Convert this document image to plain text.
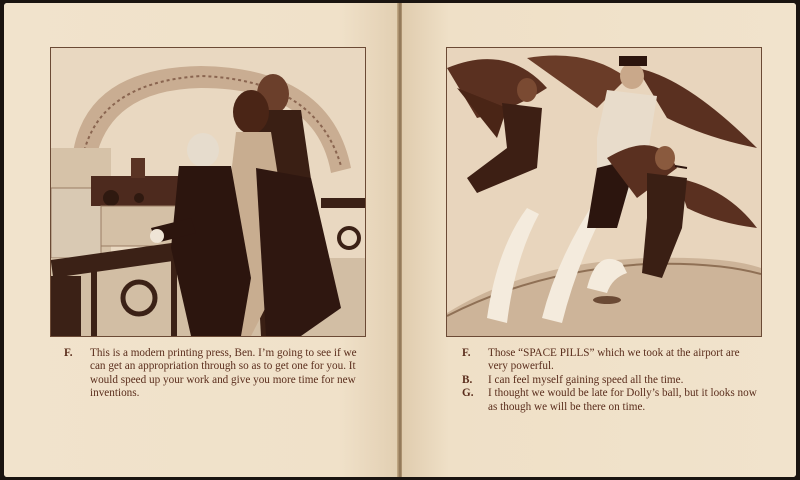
F.	This is a modern printing press, Ben. I’m going to see if we can get an appropriation through so as to get one for you. It would speed up your work and give you more time for new inventions.
F.	Those “SPACE PILLS” which we took at the airport are very powerful.
B.	I can feel myself gaining speed all the time.
G.	I thought we would be late for Dolly’s ball, but it looks now as though we will be there on time.
